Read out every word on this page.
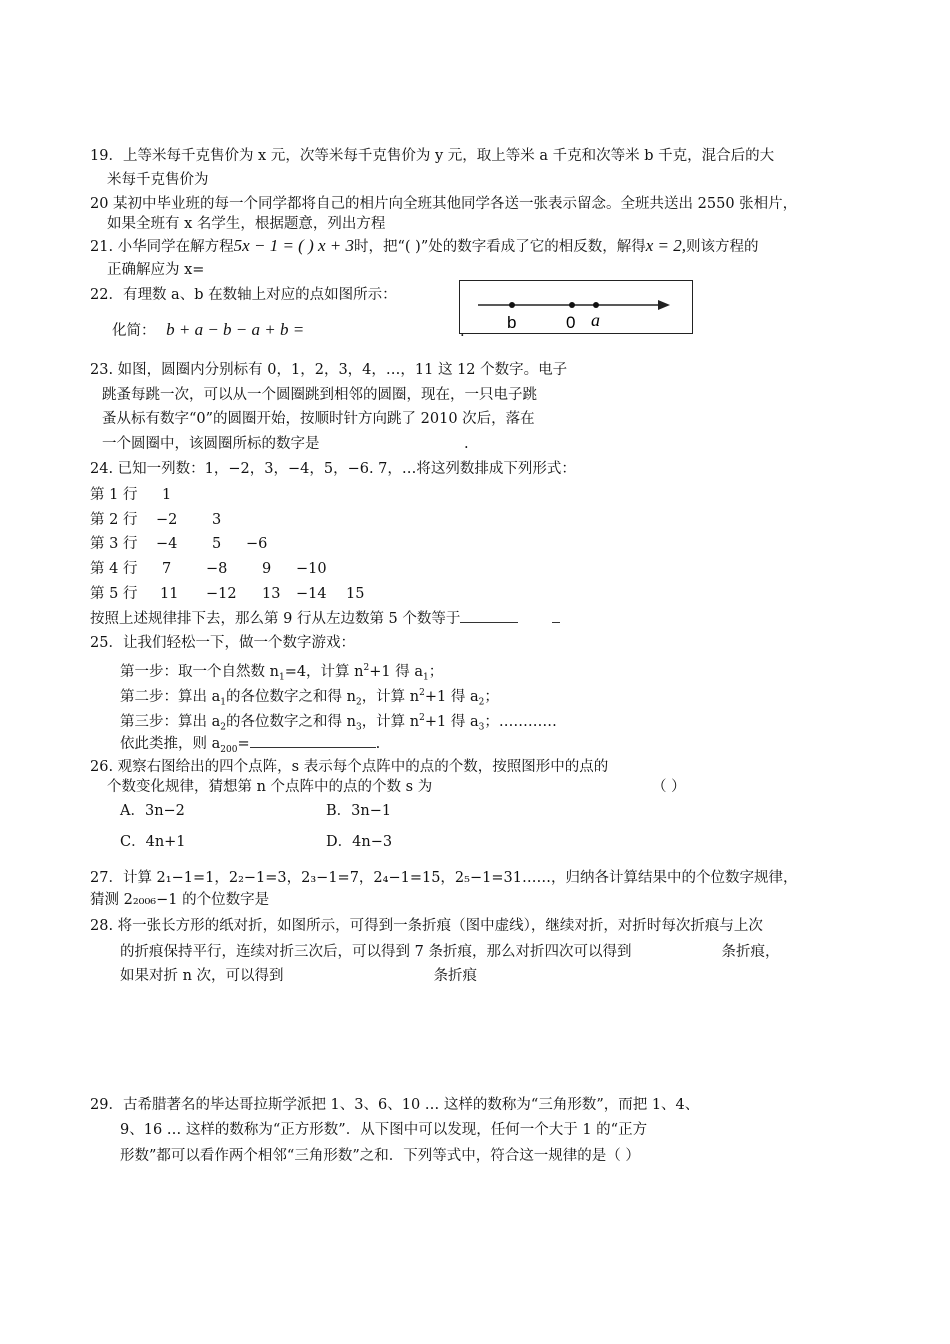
19．上等米每千克售价为 x 元，次等米每千克售价为 y 元，取上等米 a 千克和次等米 b 千克，混合后的大
米每千克售价为
20 某初中毕业班的每一个同学都将自己的相片向全班其他同学各送一张表示留念。全班共送出 2550 张相片，
如果全班有 x 名学生，根据题意，列出方程
21. 小华同学在解方程5x − 1 = ( ) x + 3时，把“( )”处的数字看成了它的相反数，解得x = 2,则该方程的
正确解应为 x=
22．有理数 a、b 在数轴上对应的点如图所示：
化简： b + a − b − a + b =	. b	0 a
23. 如图，圆圈内分别标有 0，1，2，3，4，…，11 这 12 个数字。电子
跳蚤每跳一次，可以从一个圆圈跳到相邻的圆圈，现在，一只电子跳
蚤从标有数字“0”的圆圈开始，按顺时针方向跳了 2010 次后，落在
一个圆圈中，该圆圈所标的数字是	.
24. 已知一列数：1，−2，3，−4，5，−6. 7，…将这列数排成下列形式：
第 1 行 1
第 2 行 −2 3
第 3 行 −4 5 −6
第 4 行 7 −8 9 −10
第 5 行 11 −12 13 −14 15
按照上述规律排下去，那么第 9 行从左边数第 5 个数等于
25．让我们轻松一下，做一个数字游戏：
第一步：取一个自然数 $n_1=4$，计算 $n^2+1$ 得 $a_1$；
第二步：算出 $a_1$的各位数字之和得 $n_2$，计算 $n^2+1$ 得 $a_2$；
第三步：算出 $a_2$的各位数字之和得 $n_3$，计算 $n^2+1$ 得 $a_3$；…………
依此类推，则 $a_{200}=$	.
26. 观察右图给出的四个点阵，s 表示每个点阵中的点的个数，按照图形中的点的
个数变化规律，猜想第 n 个点阵中的点的个数 s 为	（ ）
A．3n−2	B．3n−1
C．4n+1	D．4n−3
27．计算 2₁−1=1，2₂−1=3，2₃−1=7，2₄−1=15，2₅−1=31……，归纳各计算结果中的个位数字规律，
猜测 2₂₀₀₆−1 的个位数字是
28. 将一张长方形的纸对折，如图所示，可得到一条折痕（图中虚线），继续对折，对折时每次折痕与上次
的折痕保持平行，连续对折三次后，可以得到 7 条折痕，那么对折四次可以得到	条折痕，
如果对折 n 次，可以得到	条折痕
29．古希腊著名的毕达哥拉斯学派把 1、3、6、10 … 这样的数称为“三角形数”，而把 1、4、
9、16 … 这样的数称为“正方形数”．从下图中可以发现，任何一个大于 1 的“正方
形数”都可以看作两个相邻“三角形数”之和．下列等式中，符合这一规律的是（ ）
